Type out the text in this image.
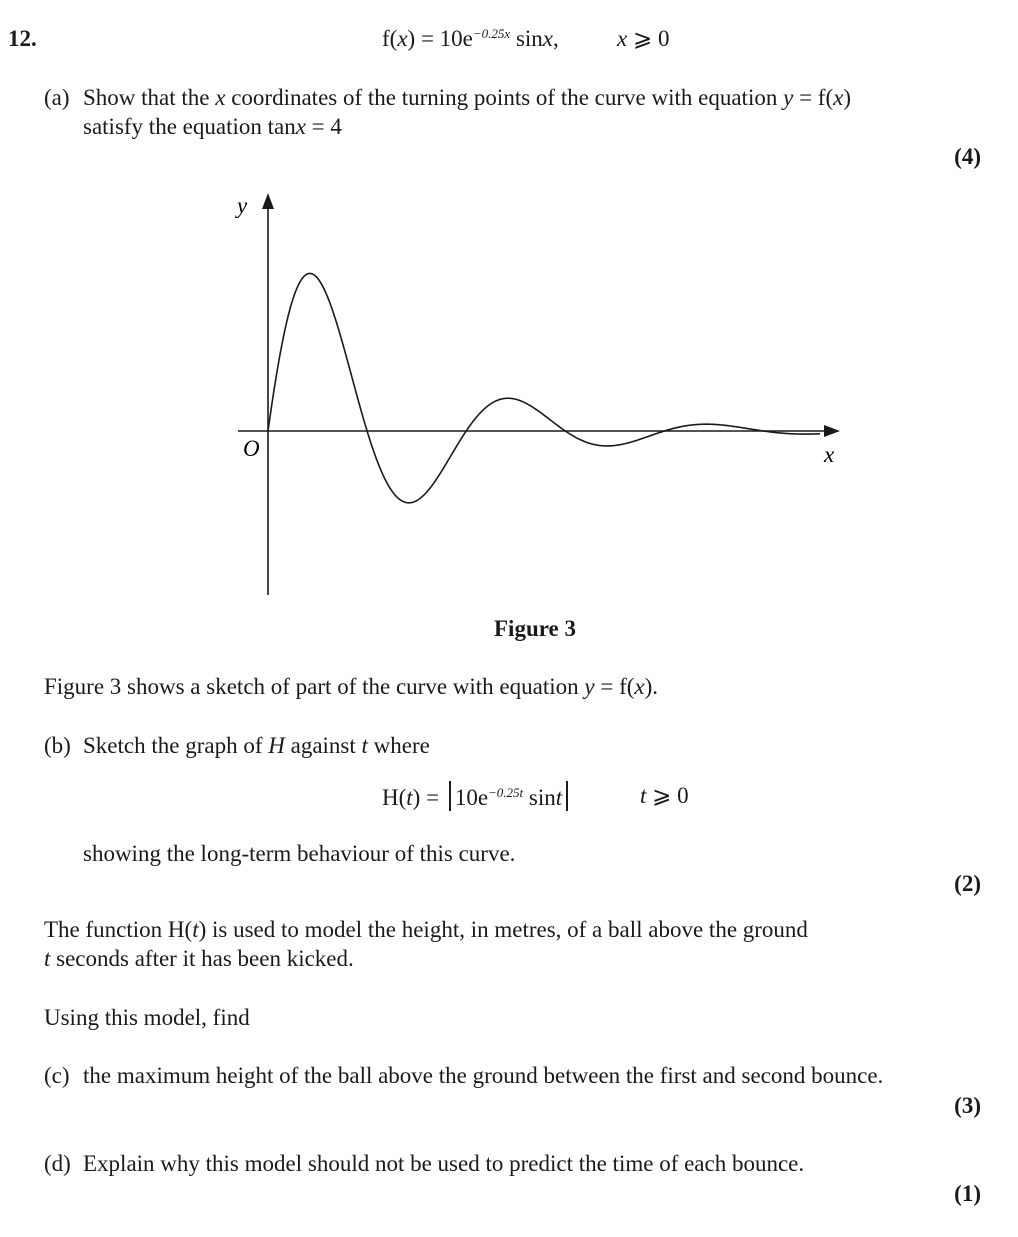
12.	$f(x) = 10e^{-0.25x}$ sinx,	x ⩾ 0
(a) Show that the x coordinates of the turning points of the curve with equation y = f(x)
satisfy the equation tanx = 4
(4)
y
x
O
Figure 3
Figure 3 shows a sketch of part of the curve with equation y = f(x).
(b) Sketch the graph of H against t where
$H(t) = 10e^{-0.25t}$ sint	t ⩾ 0
showing the long-term behaviour of this curve.
(2)
The function H(t) is used to model the height, in metres, of a ball above the ground
t seconds after it has been kicked.
Using this model, find
(c) the maximum height of the ball above the ground between the first and second bounce.
(3)
(d) Explain why this model should not be used to predict the time of each bounce.
(1)
